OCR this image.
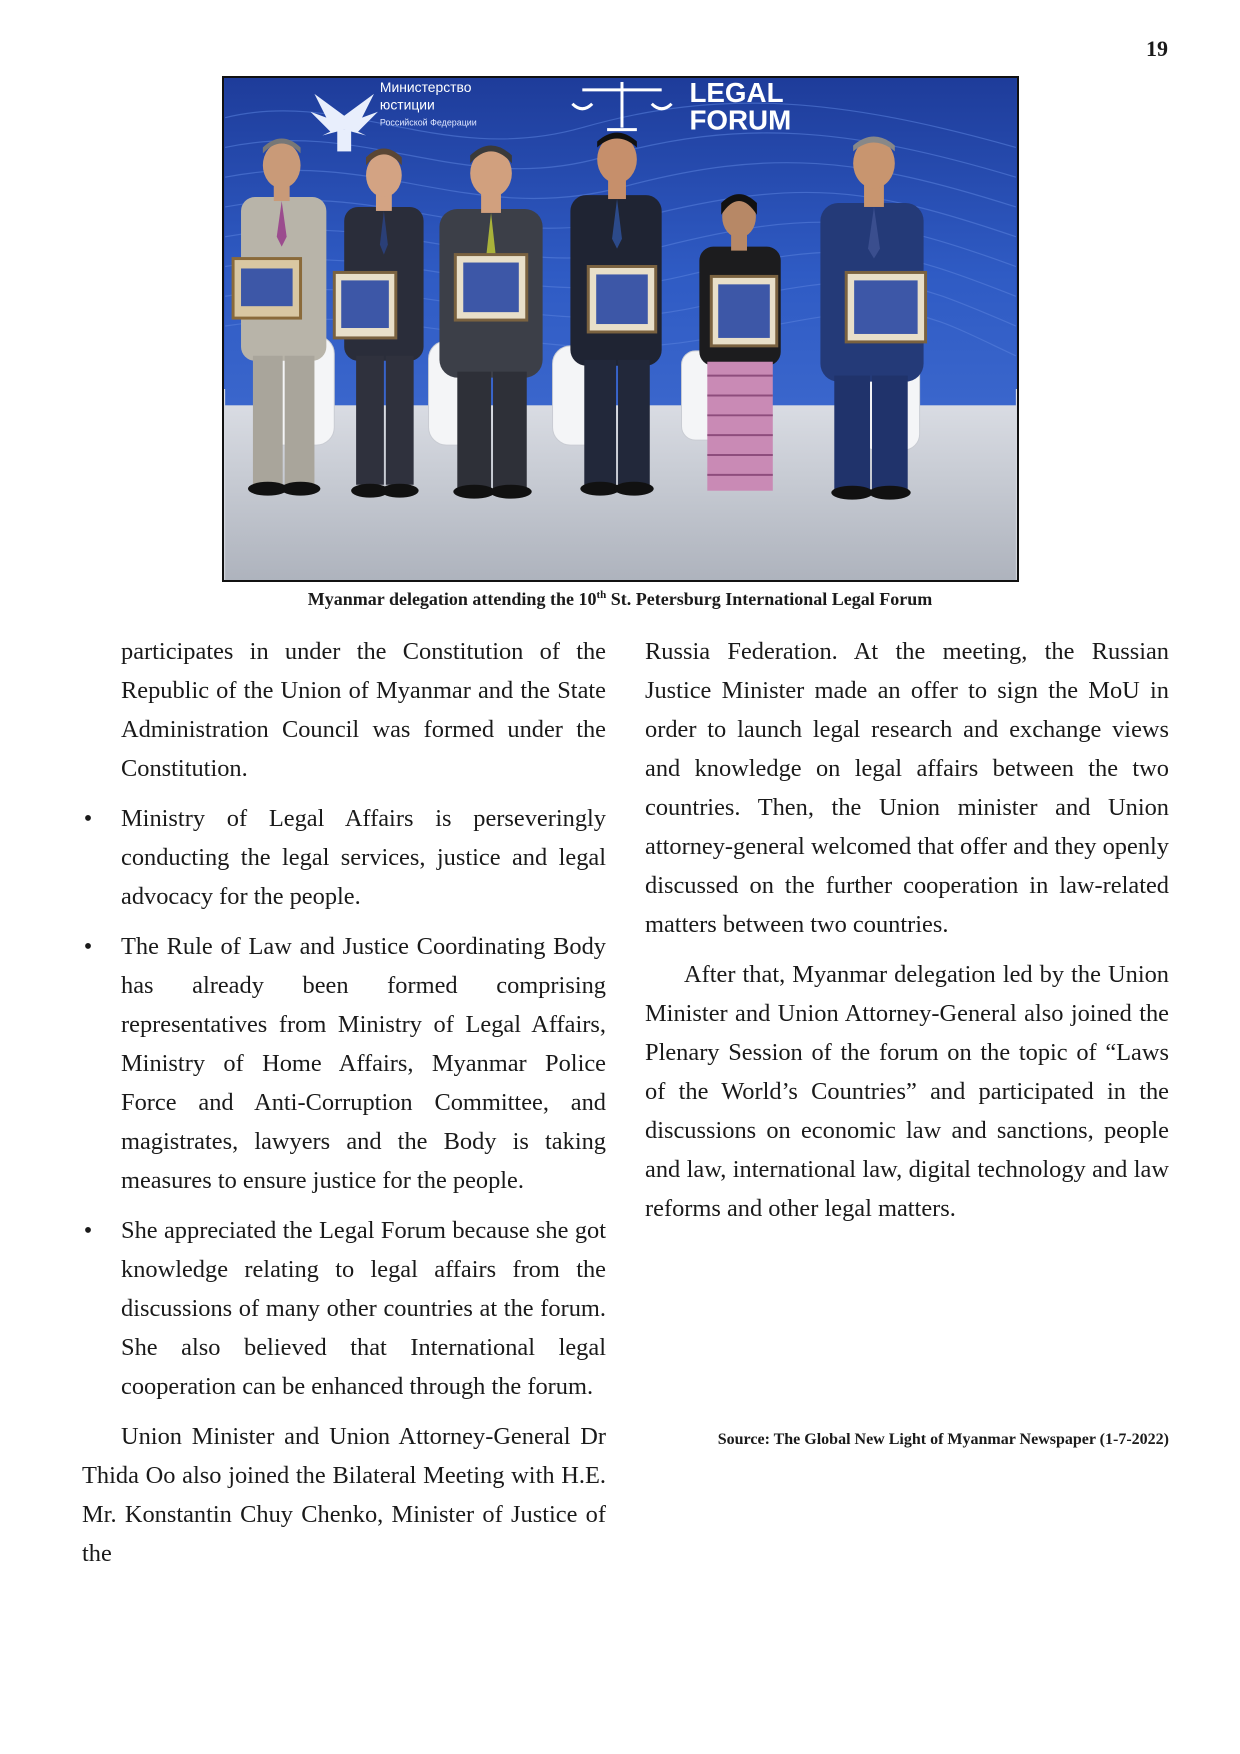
19
Министерство
юстиции
Российской Федерации
LEGAL
FORUM
Myanmar delegation attending the 10th St. Petersburg International Legal Forum

participates in under the Constitution of the Republic of the Union of Myanmar and the State Administration Council was formed under the Constitution.

• Ministry of Legal Affairs is perseveringly conducting the legal services, justice and legal advocacy for the people.
• The Rule of Law and Justice Coordinating Body has already been formed comprising representatives from Ministry of Legal Affairs, Ministry of Home Affairs, Myanmar Police Force and Anti-Corruption Committee, and magistrates, lawyers and the Body is taking measures to ensure justice for the people.
• She appreciated the Legal Forum because she got knowledge relating to legal affairs from the discussions of many other countries at the forum. She also believed that International legal cooperation can be enhanced through the forum.

Union Minister and Union Attorney-General Dr Thida Oo also joined the Bilateral Meeting with H.E. Mr. Konstantin Chuy Chenko, Minister of Justice of the

Russia Federation. At the meeting, the Russian Justice Minister made an offer to sign the MoU in order to launch legal research and exchange views and knowledge on legal affairs between the two countries. Then, the Union minister and Union attorney-general welcomed that offer and they openly discussed on the further cooperation in law-related matters between two countries.

After that, Myanmar delegation led by the Union Minister and Union Attorney-General also joined the Plenary Session of the forum on the topic of “Laws of the World’s Countries” and participated in the discussions on economic law and sanctions, people and law, international law, digital technology and law reforms and other legal matters.

Source: The Global New Light of Myanmar Newspaper (1-7-2022)
